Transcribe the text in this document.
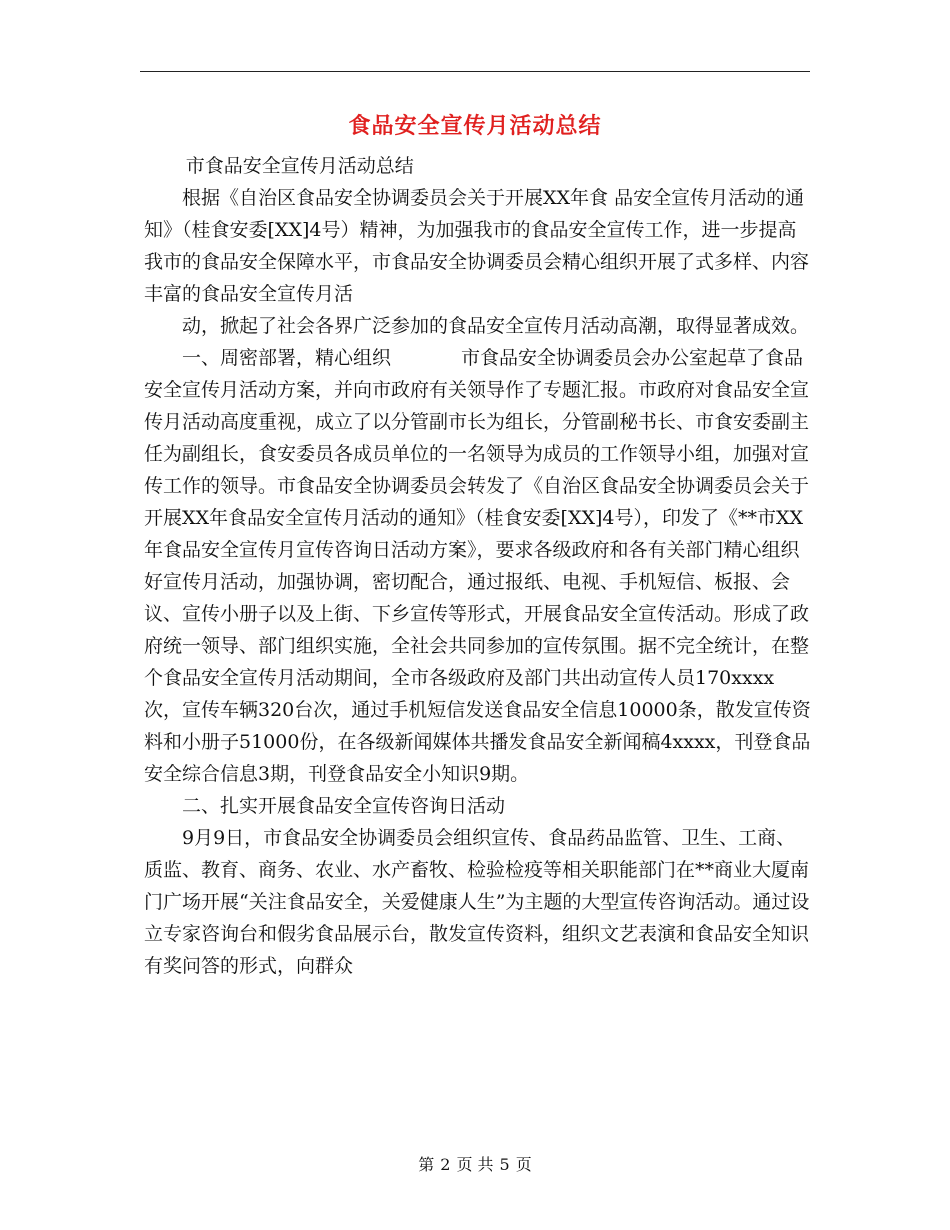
食品安全宣传月活动总结

市食品安全宣传月活动总结

根据《自治区食品安全协调委员会关于开展XX年食 品安全宣传月活动的通知》（桂食安委[XX]4号）精神，为加强我市的食品安全宣传工作，进一步提高我市的食品安全保障水平，市食品安全协调委员会精心组织开展了式多样、内容丰富的食品安全宣传月活

动，掀起了社会各界广泛参加的食品安全宣传月活动高潮，取得显著成效。

一、周密部署，精心组织	市食品安全协调委员会办公室起草了食品安全宣传月活动方案，并向市政府有关领导作了专题汇报。市政府对食品安全宣传月活动高度重视，成立了以分管副市长为组长，分管副秘书长、市食安委副主任为副组长，食安委员各成员单位的一名领导为成员的工作领导小组，加强对宣传工作的领导。市食品安全协调委员会转发了《自治区食品安全协调委员会关于开展XX年食品安全宣传月活动的通知》（桂食安委[XX]4号），印发了《**市XX年食品安全宣传月宣传咨询日活动方案》，要求各级政府和各有关部门精心组织好宣传月活动，加强协调，密切配合，通过报纸、电视、手机短信、板报、会议、宣传小册子以及上街、下乡宣传等形式，开展食品安全宣传活动。形成了政府统一领导、部门组织实施，全社会共同参加的宣传氛围。据不完全统计，在整个食品安全宣传月活动期间，全市各级政府及部门共出动宣传人员170xxxx次，宣传车辆320台次，通过手机短信发送食品安全信息10000条，散发宣传资料和小册子51000份，在各级新闻媒体共播发食品安全新闻稿4xxxx，刊登食品安全综合信息3期，刊登食品安全小知识9期。

二、扎实开展食品安全宣传咨询日活动

9月9日，市食品安全协调委员会组织宣传、食品药品监管、卫生、工商、质监、教育、商务、农业、水产畜牧、检验检疫等相关职能部门在**商业大厦南门广场开展“关注食品安全，关爱健康人生”为主题的大型宣传咨询活动。通过设立专家咨询台和假劣食品展示台，散发宣传资料，组织文艺表演和食品安全知识有奖问答的形式，向群众

第 2 页 共 5 页
